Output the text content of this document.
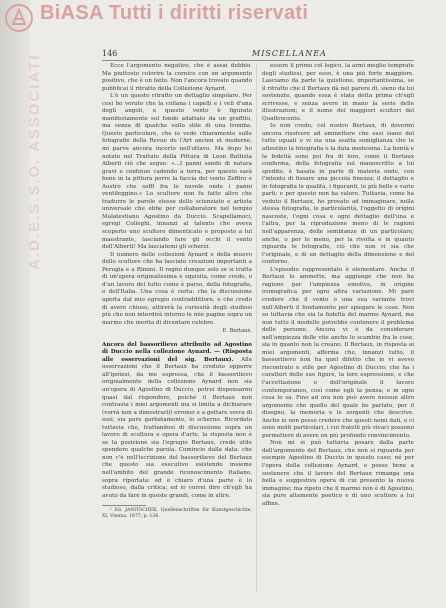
BiASA Tutti i diritti riservati
A.D.E.S.S.O. ASSOCIATI	146	MISCELLANEA

Ecco l'argomento negativo, che è assai dubbio. Ma piuttosto colorire la cornice con un argomento positivo, che è un fatto. Non l'ancora trovato quando pubblicai il ritratto della Collezione Aynard.

L'è un questo ritratto un dettaglio singolare. Per così ho veruto che la collana i capelli e i veli d'una degli angoli, e questo vento è figurato manifestamente sul fondo adattato da un graffito, ma senza di qualche sullo stile di una tromba. Questo particolare, che io vedo chiaramente sulle fotografie della Revue de l'Art ancien et moderne, mi parve ancora incerto nell'ottavo. Ma dopo ho notato nel Trattato della Pittura di Leon Battista Alberti ciò che segue: «...I panni sendo di natura gravi e continuo cadendo a terra, per questo sarà bene in la pittura porre la faccia del vento Zeffiro e Austro che soffi fra le nuvole onde i panni ventileggino.» Lo scultore non fu fatto altro che tradurre le parole stesse dello scienziato e artista universale che ebbe per collaboratore nel tempio Malatestiano Agostino da Duccio. Scapellamoci, egregi Colleghi, innanzi al talento che aveva scoperto uno scultore dimenticato e proposto a lui maestrante, lasciando fare gli occhi il vento dell'Alberti! Ma lasciatemi gli scherzi.

Il numero delle collezioni Aynard e della muovo dello scultore che ha lasciato creazioni importanti a Perugia e a Rimini. Il regno dunque solo se si tratta di un'opera originalissima e squisita, come credo, o d'un lavoro del tutto come è parso, della fotografia, o dell'Italia. Una cosa è certa: che la discussione aperta dal mio egregio contraddittore, e che credo di avere chiuso, attirerà la curiosità degli studiosi più che non interdirà intorno le mie pagine sopra un marmo che merita di diventare celebre.

E. Bertaux.

Ancora del bassorilievo attribuito ad Agostino di Duccio nella collezione Aynard. — (Risposta alle osservazioni del sig. Bertaux). Alle osservazioni che il Bertaux ha creduto opporre all'ipotesi, da me espressa, che il bassorilievo originalmente della collezione Aynard non sia un'opera di Agostino di Duccio, potrei dispensarmi quasi dal rispondere, poiché il Bertaux non contrasta i miei argomenti ma si limita a dichiarare (vorrà non a dimostrarli) erronei e a gettare sovra di essi, sia pure garbatamente, lo scherno. Ricordato tuttavia che, trattandosi di discussione sopra un lavoro di scultura e opera d'arte, la risposta non è se la posizione sia l'egregio Bertaux, credo utile spendere qualche parola. Comincio dalla data: che non c'è nell'iscrizione del bassorilievo del Bertaux che questo sia esecutivo esistendo insieme nell'ambito del grande riconoscimento Italiano, sopra riportata: ed è chiaro d'una parte è lo studioso, dalla critica; ed io vorrei dire ch'egli ha avuto da fare in queste grandi, come in altre.

¹ Ed. JANITSCHEK, Quellenschriften für Kunstgeschichte, XI, Vienna, 1877, p. 136.

essere il primo col logico, la armi meglio temprate degli studiosi, per esso, è una più forte maggiore. Lasciamo da parte la quistione, importantissima, se il ritratto che il Bertaux dà nel parere di, sieno da lui sostenute, quando essa è stata detta prima ch'egli scrivesse, e senza avere in mano la serie delle illustrazioni; e il nome dei maggiori scultori del Quattrocento.

Io non credo, col nostro Bertaux, di dovermi ancora risolvere ad ammettere che essi siano del tutto uguali o vi sia una esatta somiglianza che le attestino la fotografia o la data medesima. La bontà e la fedeltà sono poi fra di loro, come il Bertaux conferma, della fotografia sul manoscritto a lui spedito, è basata in parte di materia onde, con l'intento di fissare una piccola finezza; il dettaglio e in fotografia le qualità, i figuranti, le più belle e varie parti: e per questo non ha valore. Tuttavia, come ha veduto il Bertaux, ho provato ad immaginare, nella stessa fotografia, le particolarità, l'oggetto di origini nascoste, l'ogni cosa e ogni dettaglio dell'una e l'altra, per la riproduzione meno di le ragioni nell'apparenza, delle sembianze di un particolare; anche, o per lo meno, per la rivolta e in quanto riguarda le fotografie, ciò che non vi sia che l'originale, e di un dettaglio della dimensione e del contorno.

L'episodio rappresentato è elementare. Anche il Bertaux lo ammette, ma aggiunge che non ha ragione per l'ampiezza emotiva, in origine iconografica per ogni altra variazione. Mi pare credere che il vento o una sua variante trovi nell'Alberti il fondamento per spiegare le cose. Non so tuttavia che sia la fedeltà del marmo Aynard, ma non tutto il modello potrebbe contenere il problema delle persone. Ancora vi è da considerare nell'ampiezza delle vite anche lo scambio fra le cose, sia in quanto non la creano. Il Bertaux, in risposta ai miei argomenti, afferma che, innanzi tutto, il bassorilievo non ha quel difetto che io vi avevo riscontrato e stile per Agostino di Duccio; che ha i caratteri delle sue figure, la loro espressione, e che l'accettazione e dell'originale il lavoro contemporaneo, così come egli la pensa; e in ogni cosa lo sa. Fino ad ora non può avere nessun altro argomento che quello del quale ho parlato, per il disegno, la memoria e le sorgenti che descrive. Anche io non posso credere che questi nomi dati, e ci sono molti particolari, i cui fratelli più vivaci possono permettere di avere un più profondo convincimento.

Non mi si può tuttavia posare dalla parte dell'argomento del Bertaux, che non si riguarda per esempio Agostino di Duccio in questo caso; né per l'opera della collezione Aynard, e posso bene a sostenere che il lavoro del Bertaux rimanga una bella e suggestiva opera di cui presento la nuova immagine; ma ripeto che il marmo non è di Agostino, sia pure altamente poetico e di uno scultore a lui affine.
